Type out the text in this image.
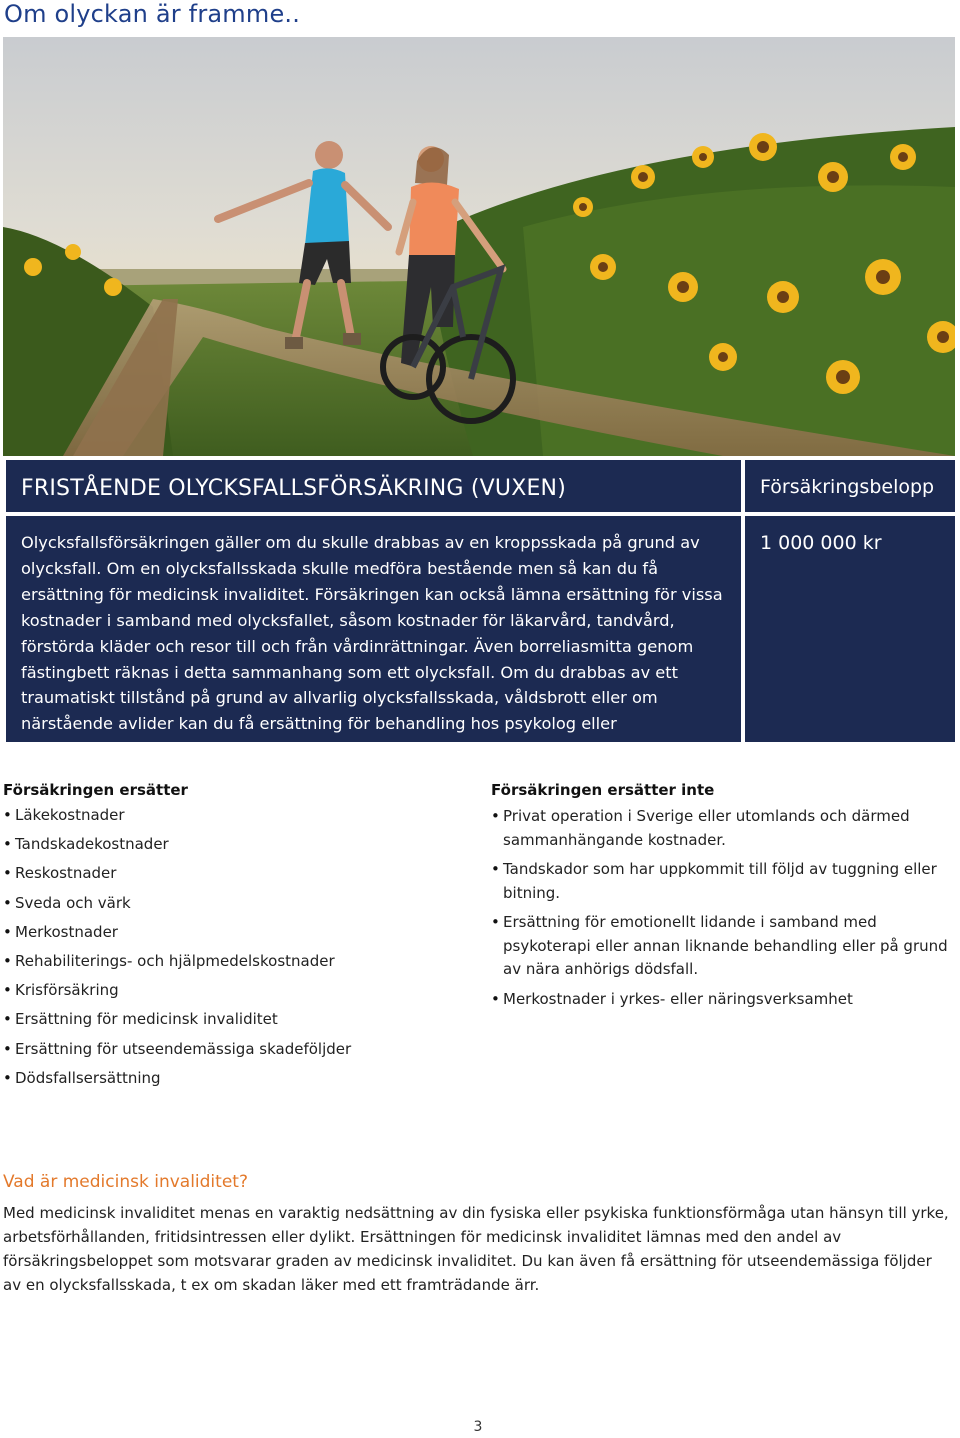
Om olyckan är framme..
FRISTÅENDE OLYCKSFALLSFÖRSÄKRING (VUXEN)	Försäkringsbelopp

Olycksfallsförsäkringen gäller om du skulle drabbas av en kroppsskada på grund av olycksfall. Om en olycksfallsskada skulle medföra bestående men så kan du få ersättning för medicinsk invaliditet. Försäkringen kan också lämna ersättning för vissa kostnader i samband med olycksfallet, såsom kostnader för läkarvård, tandvård, förstörda kläder och resor till och från vårdinrättningar. Även borreliasmitta genom fästingbett räknas i detta sammanhang som ett olycksfall. Om du drabbas av ett traumatiskt tillstånd på grund av allvarlig olycksfallsskada, våldsbrott eller om närstående avlider kan du få ersättning för behandling hos psykolog eller psykoterapeut.

1 000 000 kr
Försäkringen ersätter
• Läkekostnader
• Tandskadekostnader
• Reskostnader
• Sveda och värk
• Merkostnader
• Rehabiliterings- och hjälpmedelskostnader
• Krisförsäkring
• Ersättning för medicinsk invaliditet
• Ersättning för utseendemässiga skadeföljder
• Dödsfallsersättning
Försäkringen ersätter inte
• Privat operation i Sverige eller utomlands och därmed sammanhängande kostnader.
• Tandskador som har uppkommit till följd av tuggning eller bitning.
• Ersättning för emotionellt lidande i samband med psykoterapi eller annan liknande behandling eller på grund av nära anhörigs dödsfall.
• Merkostnader i yrkes- eller näringsverksamhet
Vad är medicinsk invaliditet?

Med medicinsk invaliditet menas en varaktig nedsättning av din fysiska eller psykiska funktionsförmåga utan hänsyn till yrke, arbetsförhållanden, fritidsintressen eller dylikt. Ersättningen för medicinsk invaliditet lämnas med den andel av försäkringsbeloppet som motsvarar graden av medicinsk invaliditet. Du kan även få ersättning för utseendemässiga följder av en olycksfallsskada, t ex om skadan läker med ett framträdande ärr.

3
